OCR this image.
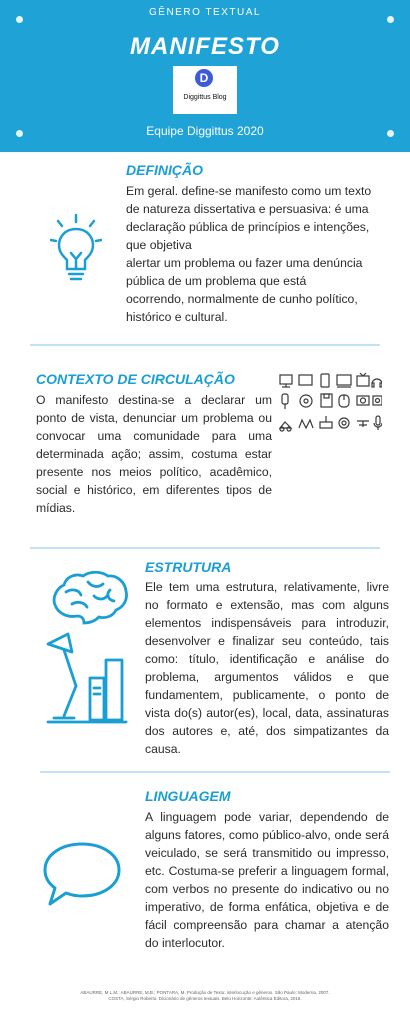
GÊNERO TEXTUAL
MANIFESTO
D
Diggittus Blog
Equipe Diggittus 2020
DEFINIÇÃO
Em geral. define-se manifesto como um texto
de natureza dissertativa e persuasiva: é uma
declaração pública de princípios e intenções,
que objetiva
alertar um problema ou fazer uma denúncia
pública de um problema que está
ocorrendo, normalmente de cunho político,
histórico e cultural.
CONTEXTO DE CIRCULAÇÃO
O manifesto destina-se a declarar um ponto de vista, denunciar um problema ou convocar uma comunidade para uma determinada ação; assim, costuma estar presente nos meios político, acadêmico, social e histórico, em diferentes tipos de mídias.
ESTRUTURA
Ele tem uma estrutura, relativamente, livre no formato e extensão, mas com alguns elementos indispensáveis para introduzir, desenvolver e finalizar seu conteúdo, tais como: título, identificação e análise do problema, argumentos válidos e que fundamentem, publicamente, o ponto de vista do(s) autor(es), local, data, assinaturas dos autores e, até, dos simpatizantes da causa.
LINGUAGEM
A linguagem pode variar, dependendo de alguns fatores, como público-alvo, onde será veiculado, se será transmitido ou impresso, etc. Costuma-se preferir a linguagem formal, com verbos no presente do indicativo ou no imperativo, de forma enfática, objetiva e de fácil compreensão para chamar a atenção do interlocutor.
ABAURRE, M.L.M.; ABAURRE, M.B.; PONTARA, M. Produção de Texto: interlocução e gêneros. São Paulo: Moderna, 2007.
COSTA, Sérgio Roberto. Dicionário de gêneros textuais. Belo Horizonte: Autêntica Editora, 2018.
